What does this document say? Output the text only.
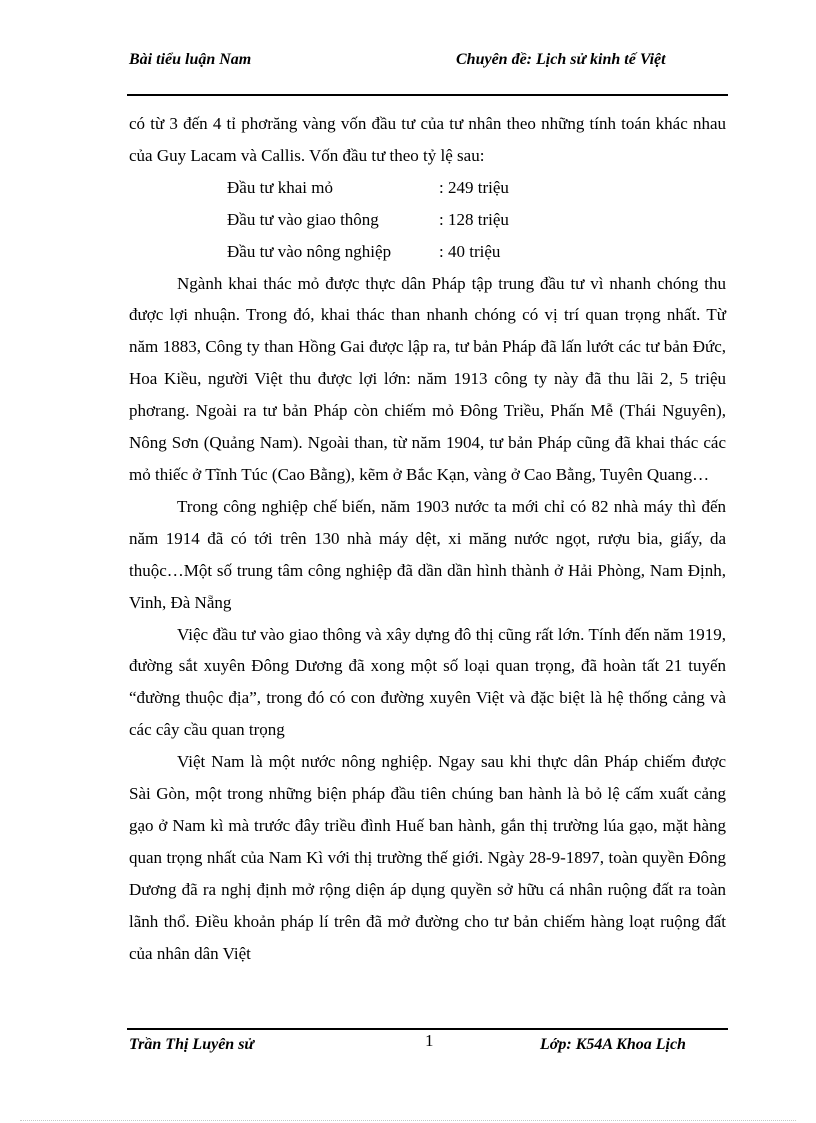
Bài tiểu luận Nam	Chuyên đề: Lịch sử kinh tế Việt

có từ 3 đến 4 tỉ phơrăng vàng vốn đầu tư của tư nhân theo những tính toán khác nhau của Guy Lacam và Callis. Vốn đầu tư theo tỷ lệ sau:

Đầu tư khai mỏ	: 249 triệu
Đầu tư vào giao thông	: 128 triệu
Đầu tư vào nông nghiệp	: 40 triệu

Ngành khai thác mỏ được thực dân Pháp tập trung đầu tư vì nhanh chóng thu được lợi nhuận. Trong đó, khai thác than nhanh chóng có vị trí quan trọng nhất. Từ năm 1883, Công ty than Hồng Gai được lập ra, tư bản Pháp đã lấn lướt các tư bản Đức, Hoa Kiều, người Việt thu được lợi lớn: năm 1913 công ty này đã thu lãi 2, 5 triệu phơrang. Ngoài ra tư bản Pháp còn chiếm mỏ Đông Triều, Phấn Mễ (Thái Nguyên), Nông Sơn (Quảng Nam). Ngoài than, từ năm 1904, tư bản Pháp cũng đã khai thác các mỏ thiếc ở Tĩnh Túc (Cao Bằng), kẽm ở Bắc Kạn, vàng ở Cao Bằng, Tuyên Quang…

Trong công nghiệp chế biến, năm 1903 nước ta mới chỉ có 82 nhà máy thì đến năm 1914 đã có tới trên 130 nhà máy dệt, xi măng nước ngọt, rượu bia, giấy, da thuộc…Một số trung tâm công nghiệp đã dần dần hình thành ở Hải Phòng, Nam Định, Vinh, Đà Nẵng

Việc đầu tư vào giao thông và xây dựng đô thị cũng rất lớn. Tính đến năm 1919, đường sắt xuyên Đông Dương đã xong một số loại quan trọng, đã hoàn tất 21 tuyến “đường thuộc địa”, trong đó có con đường xuyên Việt và đặc biệt là hệ thống cảng và các cây cầu quan trọng

Việt Nam là một nước nông nghiệp. Ngay sau khi thực dân Pháp chiếm được Sài Gòn, một trong những biện pháp đầu tiên chúng ban hành là bỏ lệ cấm xuất cảng gạo ở Nam kì mà trước đây triều đình Huế ban hành, gắn thị trường lúa gạo, mặt hàng quan trọng nhất của Nam Kì với thị trường thế giới. Ngày 28-9-1897, toàn quyền Đông Dương đã ra nghị định mở rộng diện áp dụng quyền sở hữu cá nhân ruộng đất ra toàn lãnh thổ. Điều khoản pháp lí trên đã mở đường cho tư bản chiếm hàng loạt ruộng đất của nhân dân Việt

Trần Thị Luyên sử	1	Lớp: K54A Khoa Lịch
